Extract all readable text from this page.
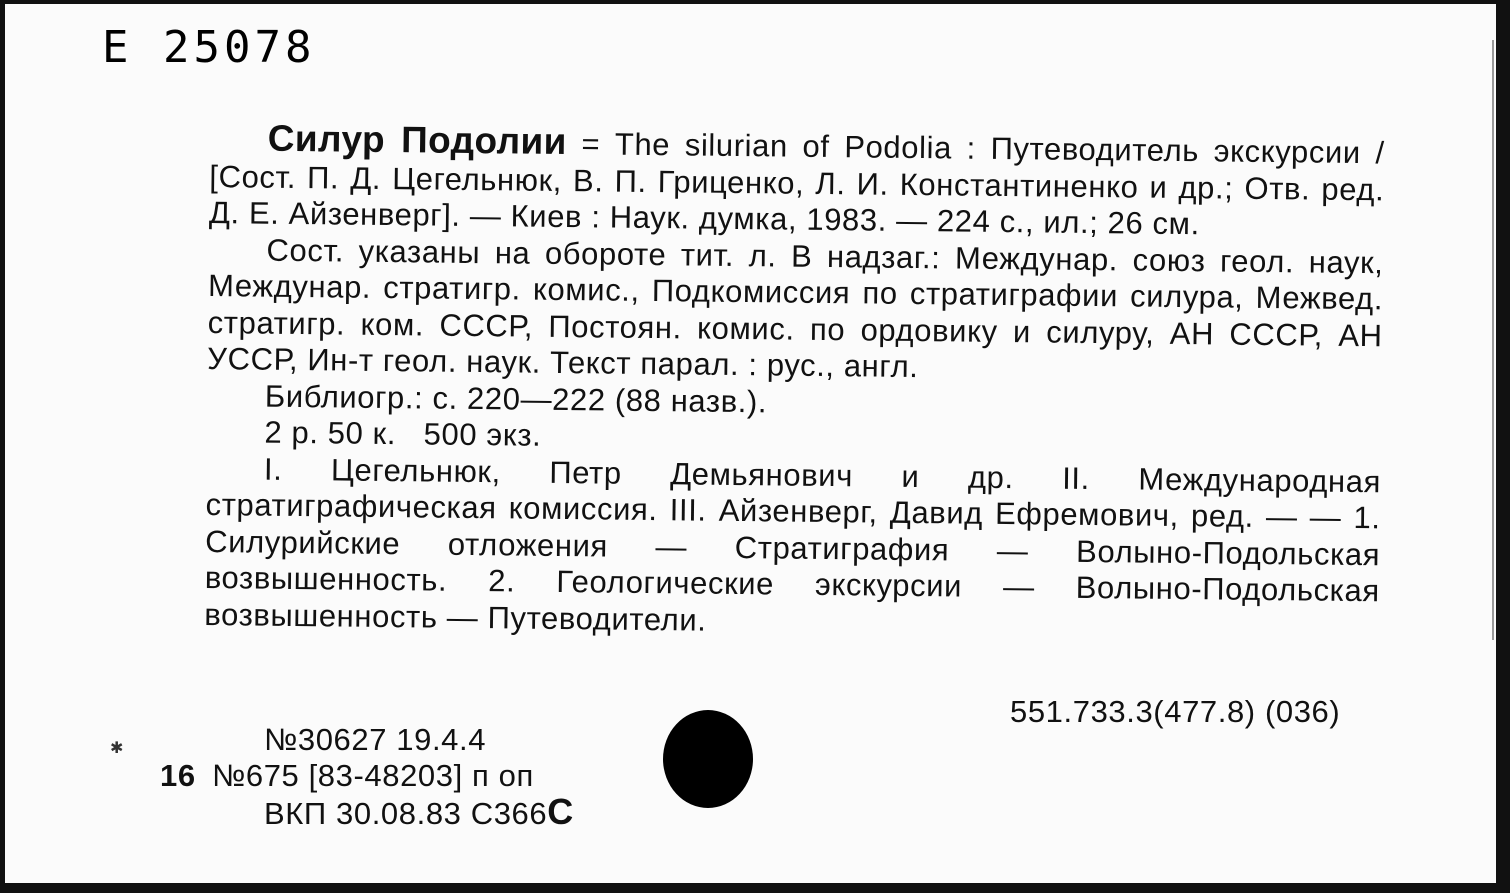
E 25078

Силур Подолии = The silurian of Podolia : Путеводитель экскурсии / [Сост. П. Д. Цегельнюк, В. П. Гриценко, Л. И. Константиненко и др.; Отв. ред. Д. Е. Айзенверг]. — Киев : Наук. думка, 1983. — 224 с., ил.; 26 см.

Сост. указаны на обороте тит. л. В надзаг.: Междунар. союз геол. наук, Междунар. стратигр. комис., Подкомиссия по стратиграфии силура, Межвед. стратигр. ком. СССР, Постоян. комис. по ордовику и силуру, АН СССР, АН УССР, Ин-т геол. наук. Текст парал. : рус., англ.

Библиогр.: с. 220—222 (88 назв.).

2 р. 50 к.   500 экз.

I. Цегельнюк, Петр Демьянович и др. II. Международная стратиграфическая комиссия. III. Айзенверг, Давид Ефремович, ред. — — 1. Силурийские отложения — Стратиграфия — Волыно-Подольская возвышенность. 2. Геологические экскурсии — Волыно-Подольская возвышенность — Путеводители.

551.733.3(477.8) (036)
✱	№30627 19.4.4
16 №675 [83-48203] п оп
ВКП 30.08.83 С366С
